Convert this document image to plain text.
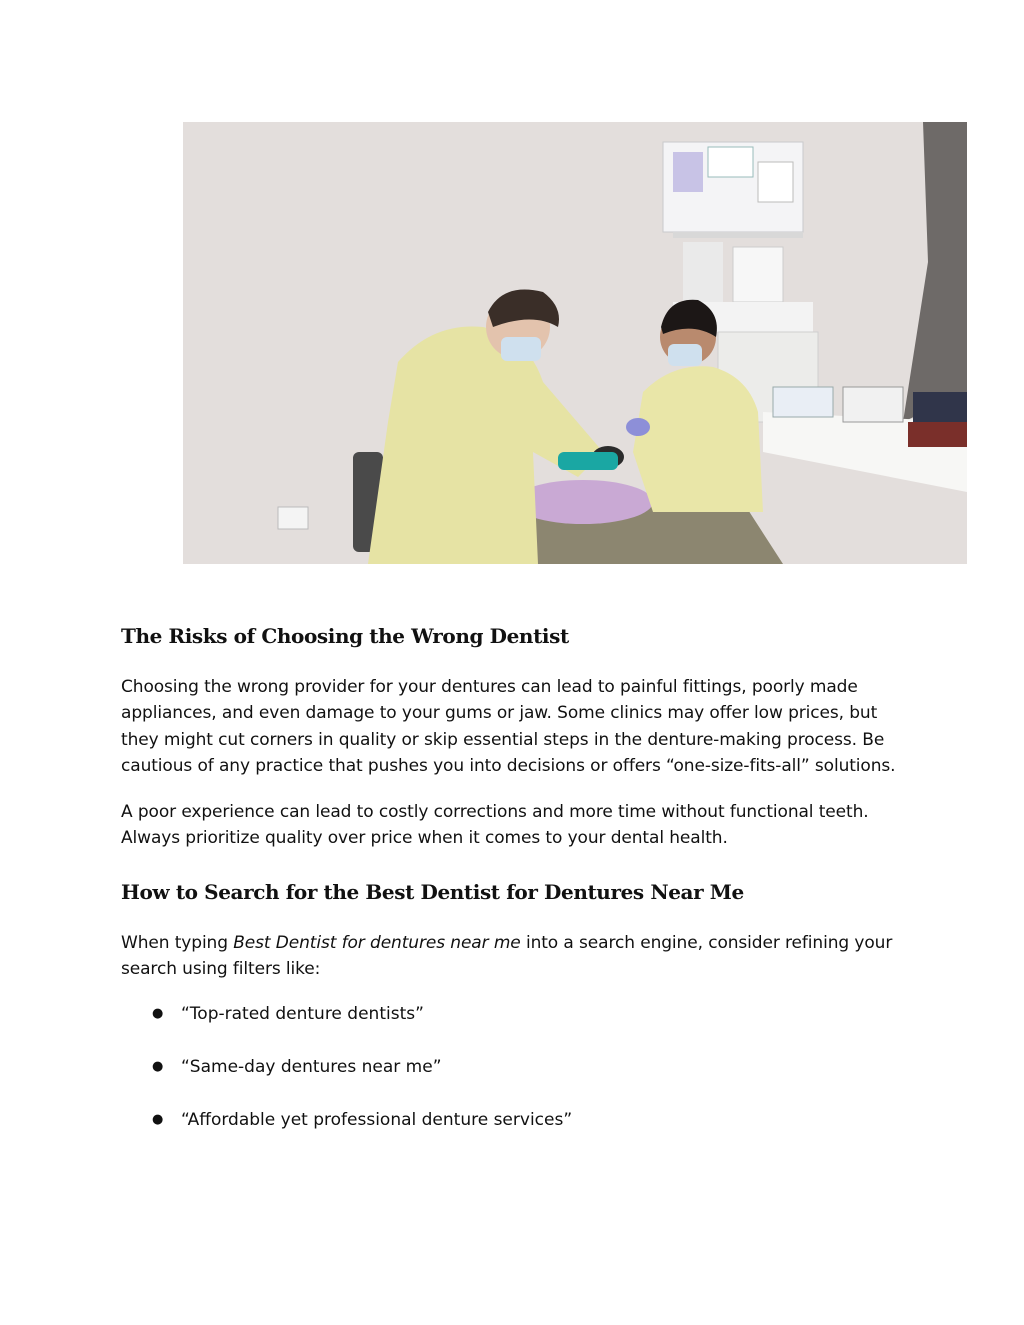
The Risks of Choosing the Wrong Dentist

Choosing the wrong provider for your dentures can lead to painful fittings, poorly made appliances, and even damage to your gums or jaw. Some clinics may offer low prices, but they might cut corners in quality or skip essential steps in the denture-making process. Be cautious of any practice that pushes you into decisions or offers “one-size-fits-all” solutions.

A poor experience can lead to costly corrections and more time without functional teeth. Always prioritize quality over price when it comes to your dental health.

How to Search for the Best Dentist for Dentures Near Me

When typing Best Dentist for dentures near me into a search engine, consider refining your search using filters like:

● “Top-rated denture dentists”
● “Same-day dentures near me”
● “Affordable yet professional denture services”
